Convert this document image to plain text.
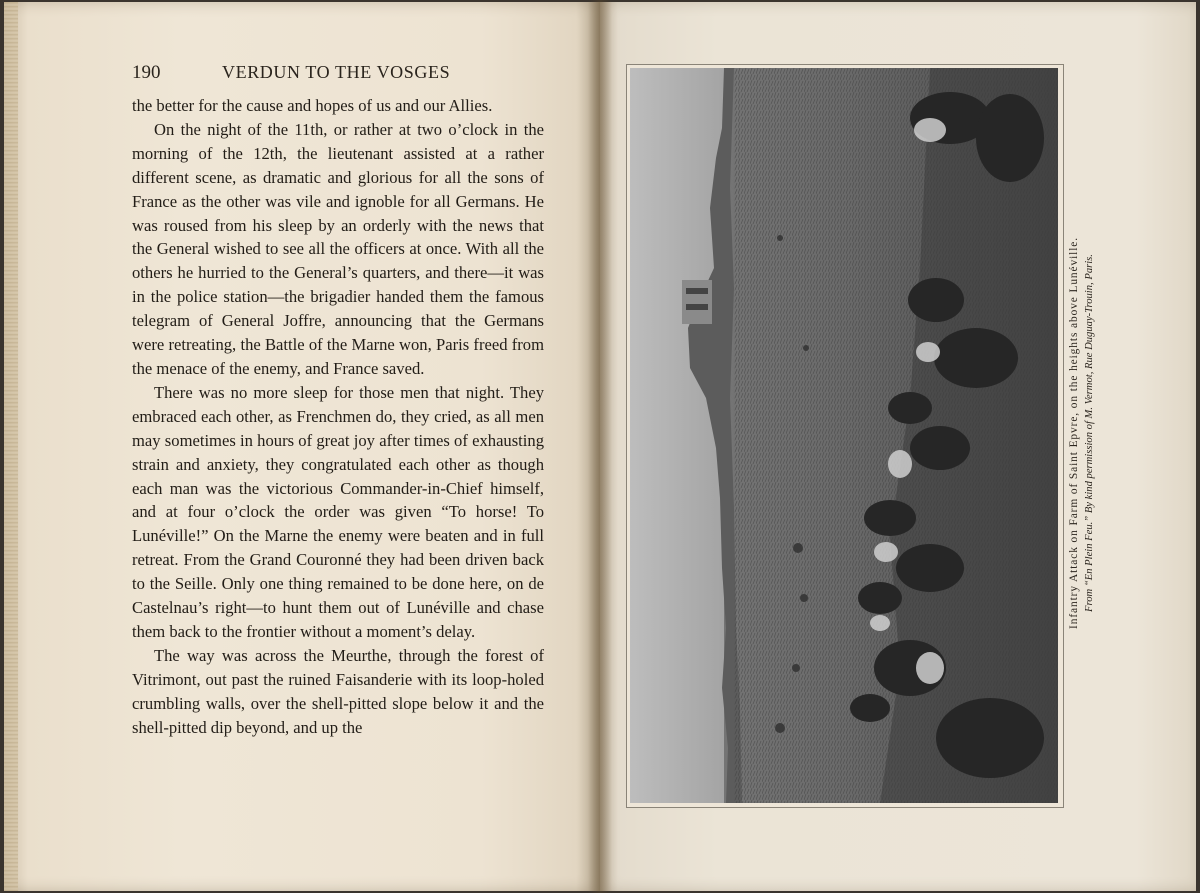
190	VERDUN TO THE VOSGES

the better for the cause and hopes of us and our Allies.

On the night of the 11th, or rather at two o’clock in the morning of the 12th, the lieutenant assisted at a rather different scene, as dramatic and glorious for all the sons of France as the other was vile and ignoble for all Germans. He was roused from his sleep by an orderly with the news that the General wished to see all the officers at once. With all the others he hurried to the General’s quarters, and there—it was in the police station—the brigadier handed them the famous telegram of General Joffre, announcing that the Germans were retreating, the Battle of the Marne won, Paris freed from the menace of the enemy, and France saved.

There was no more sleep for those men that night. They embraced each other, as Frenchmen do, they cried, as all men may sometimes in hours of great joy after times of exhausting strain and anxiety, they congratulated each other as though each man was the victorious Commander-in-Chief himself, and at four o’clock the order was given “To horse! To Lunéville!” On the Marne the enemy were beaten and in full retreat. From the Grand Couronné they had been driven back to the Seille. Only one thing remained to be done here, on de Castelnau’s right—to hunt them out of Lunéville and chase them back to the frontier without a moment’s delay.

The way was across the Meurthe, through the forest of Vitrimont, out past the ruined Faisanderie with its loop-holed crumbling walls, over the shell-pitted slope below it and the shell-pitted dip beyond, and up the

Infantry Attack on Farm of Saint Epvre, on the heights above Lunéville. From “En Plein Feu.” By kind permission of M. Vermot, Rue Duguay-Trouin, Paris.
